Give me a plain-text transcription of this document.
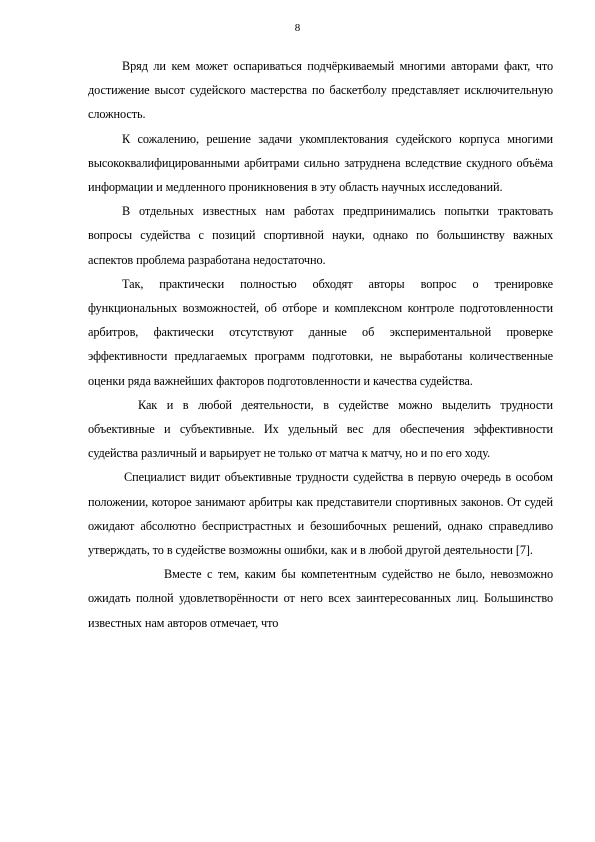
8

Вряд ли кем может оспариваться подчёркиваемый многими авторами факт, что достижение высот судейского мастерства по баскетболу представляет исключительную сложность.

К сожалению, решение задачи укомплектования судейского корпуса многими высококвалифицированными арбитрами сильно затруднена вследствие скудного объёма информации и медленного проникновения в эту область научных исследований.

В отдельных известных нам работах предпринимались попытки трактовать вопросы судейства с позиций спортивной науки, однако по большинству важных аспектов проблема разработана недостаточно.

Так, практически полностью обходят авторы вопрос о тренировке функциональных возможностей, об отборе и комплексном контроле подготовленности арбитров, фактически отсутствуют данные об экспериментальной проверке эффективности предлагаемых программ подготовки, не выработаны количественные оценки ряда важнейших факторов подготовленности и качества судейства.

Как и в любой деятельности, в судействе можно выделить трудности объективные и субъективные. Их удельный вес для обеспечения эффективности судейства различный и варьирует не только от матча к матчу, но и по его ходу.

Специалист видит объективные трудности судейства в первую очередь в особом положении, которое занимают арбитры как представители спортивных законов. От судей ожидают абсолютно беспристрастных и безошибочных решений, однако справедливо утверждать, то в судействе возможны ошибки, как и в любой другой деятельности [7].

Вместе с тем, каким бы компетентным судейство не было, невозможно ожидать полной удовлетворённости от него всех заинтересованных лиц. Большинство известных нам авторов отмечает, что
